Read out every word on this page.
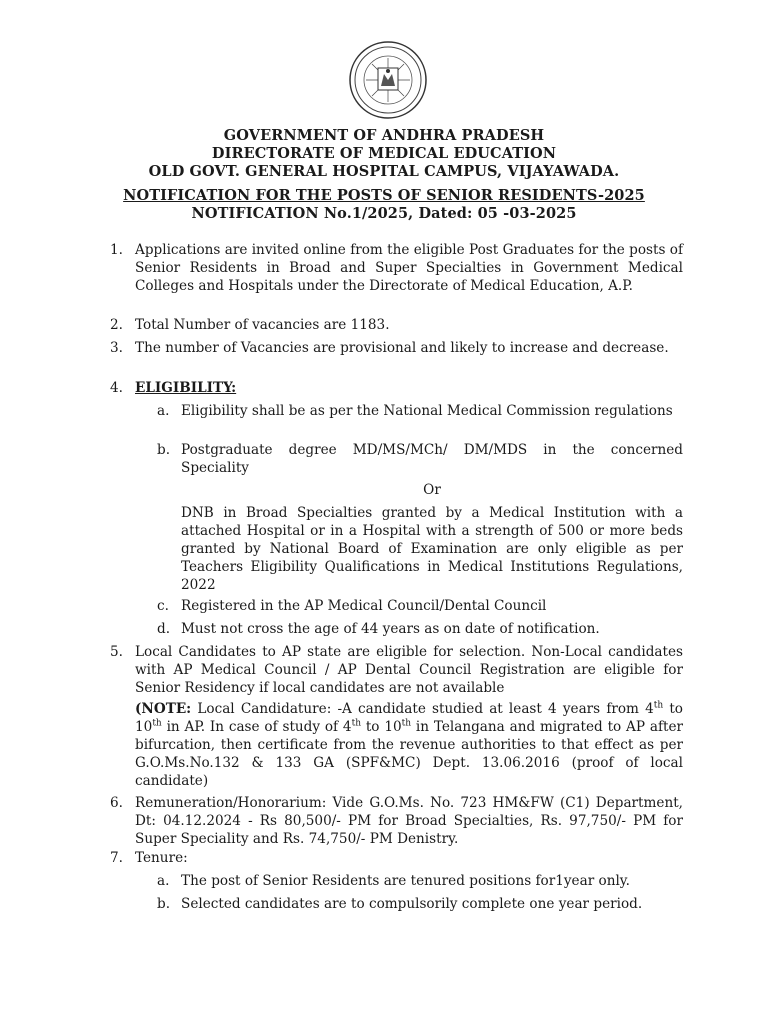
GOVERNMENT OF ANDHRA PRADESH
DIRECTORATE OF MEDICAL EDUCATION
OLD GOVT. GENERAL HOSPITAL CAMPUS, VIJAYAWADA.
NOTIFICATION FOR THE POSTS OF SENIOR RESIDENTS-2025
NOTIFICATION No.1/2025, Dated: 05 -03-2025
1. Applications are invited online from the eligible Post Graduates for the posts of Senior Residents in Broad and Super Specialties in Government Medical Colleges and Hospitals under the Directorate of Medical Education, A.P.
2. Total Number of vacancies are 1183.
3. The number of Vacancies are provisional and likely to increase and decrease.
4. ELIGIBILITY:
a. Eligibility shall be as per the National Medical Commission regulations
b. Postgraduate degree MD/MS/MCh/ DM/MDS in the concerned Speciality
Or
DNB in Broad Specialties granted by a Medical Institution with a attached Hospital or in a Hospital with a strength of 500 or more beds granted by National Board of Examination are only eligible as per Teachers Eligibility Qualifications in Medical Institutions Regulations, 2022
c. Registered in the AP Medical Council/Dental Council
d. Must not cross the age of 44 years as on date of notification.
5. Local Candidates to AP state are eligible for selection. Non-Local candidates with AP Medical Council / AP Dental Council Registration are eligible for Senior Residency if local candidates are not available
(NOTE: Local Candidature: -A candidate studied at least 4 years from 4th to 10th in AP. In case of study of 4th to 10th in Telangana and migrated to AP after bifurcation, then certificate from the revenue authorities to that effect as per G.O.Ms.No.132 & 133 GA (SPF&MC) Dept. 13.06.2016 (proof of local candidate)
6. Remuneration/Honorarium: Vide G.O.Ms. No. 723 HM&FW (C1) Department, Dt: 04.12.2024 - Rs 80,500/- PM for Broad Specialties, Rs. 97,750/- PM for Super Speciality and Rs. 74,750/- PM Denistry.
7. Tenure:
a. The post of Senior Residents are tenured positions for1year only.
b. Selected candidates are to compulsorily complete one year period.
